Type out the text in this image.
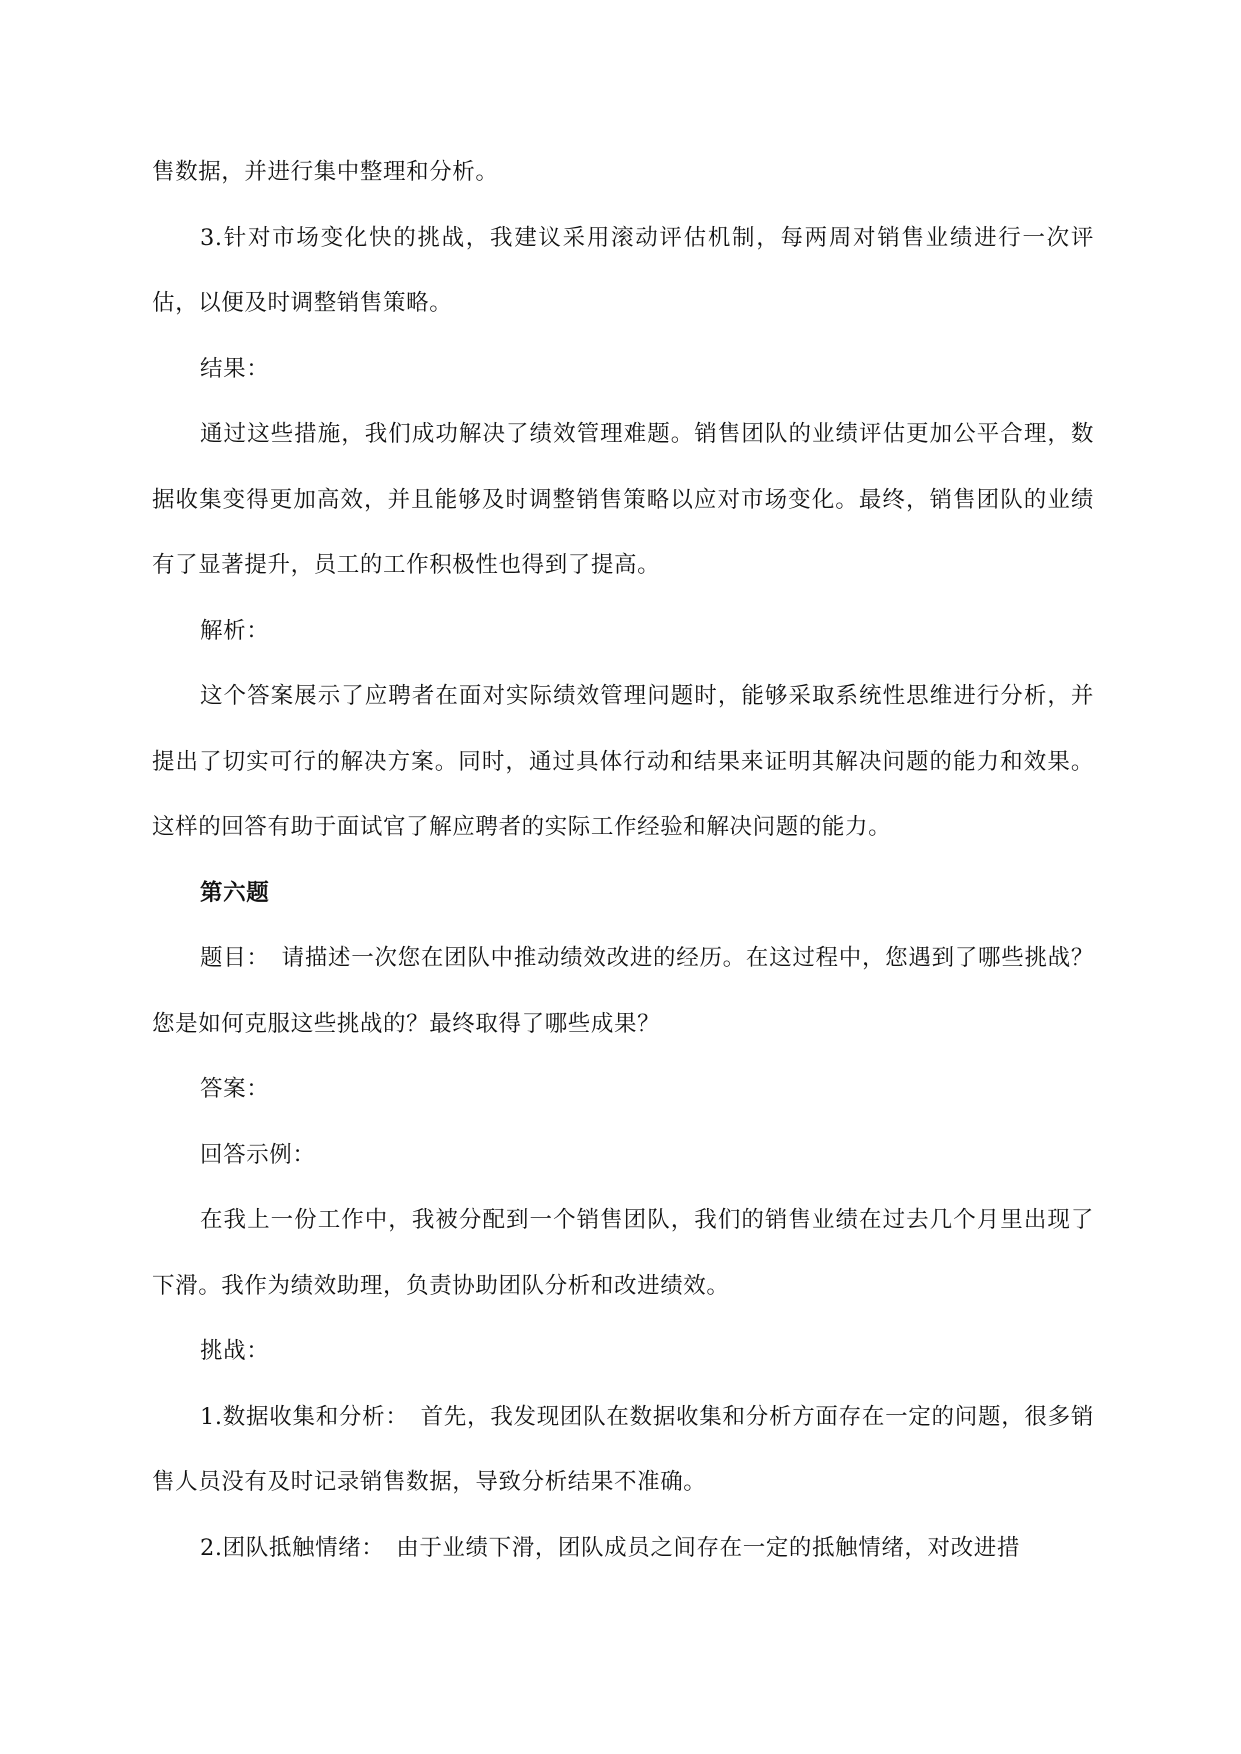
售数据，并进行集中整理和分析。

3.针对市场变化快的挑战，我建议采用滚动评估机制，每两周对销售业绩进行一次评估，以便及时调整销售策略。

结果：

通过这些措施，我们成功解决了绩效管理难题。销售团队的业绩评估更加公平合理，数据收集变得更加高效，并且能够及时调整销售策略以应对市场变化。最终，销售团队的业绩有了显著提升，员工的工作积极性也得到了提高。

解析：

这个答案展示了应聘者在面对实际绩效管理问题时，能够采取系统性思维进行分析，并提出了切实可行的解决方案。同时，通过具体行动和结果来证明其解决问题的能力和效果。这样的回答有助于面试官了解应聘者的实际工作经验和解决问题的能力。

第六题

题目：　请描述一次您在团队中推动绩效改进的经历。在这过程中，您遇到了哪些挑战？您是如何克服这些挑战的？最终取得了哪些成果？

答案：

回答示例：

在我上一份工作中，我被分配到一个销售团队，我们的销售业绩在过去几个月里出现了下滑。我作为绩效助理，负责协助团队分析和改进绩效。

挑战：

1.数据收集和分析：　首先，我发现团队在数据收集和分析方面存在一定的问题，很多销售人员没有及时记录销售数据，导致分析结果不准确。

2.团队抵触情绪：　由于业绩下滑，团队成员之间存在一定的抵触情绪，对改进措
